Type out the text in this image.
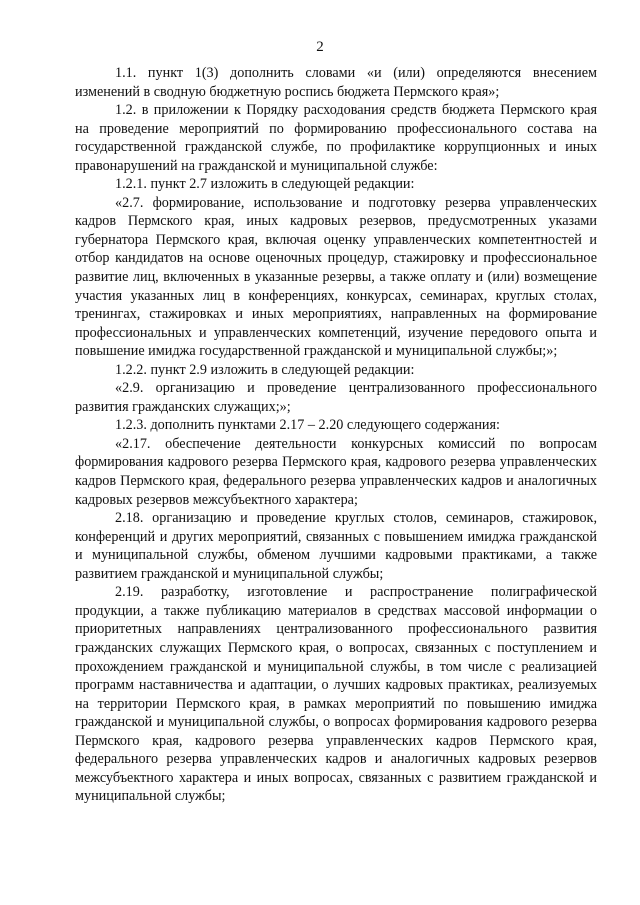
2

1.1. пункт 1(3) дополнить словами «и (или) определяются внесением изменений в сводную бюджетную роспись бюджета Пермского края»;

1.2. в приложении к Порядку расходования средств бюджета Пермского края на проведение мероприятий по формированию профессионального состава на государственной гражданской службе, по профилактике коррупционных и иных правонарушений на гражданской и муниципальной службе:

1.2.1. пункт 2.7 изложить в следующей редакции:

«2.7. формирование, использование и подготовку резерва управленческих кадров Пермского края, иных кадровых резервов, предусмотренных указами губернатора Пермского края, включая оценку управленческих компетентностей и отбор кандидатов на основе оценочных процедур, стажировку и профессиональное развитие лиц, включенных в указанные резервы, а также оплату и (или) возмещение участия указанных лиц в конференциях, конкурсах, семинарах, круглых столах, тренингах, стажировках и иных мероприятиях, направленных на формирование профессиональных и управленческих компетенций, изучение передового опыта и повышение имиджа государственной гражданской и муниципальной службы;»;

1.2.2. пункт 2.9 изложить в следующей редакции:

«2.9. организацию и проведение централизованного профессионального развития гражданских служащих;»;

1.2.3. дополнить пунктами 2.17 – 2.20 следующего содержания:

«2.17. обеспечение деятельности конкурсных комиссий по вопросам формирования кадрового резерва Пермского края, кадрового резерва управленческих кадров Пермского края, федерального резерва управленческих кадров и аналогичных кадровых резервов межсубъектного характера;

2.18. организацию и проведение круглых столов, семинаров, стажировок, конференций и других мероприятий, связанных с повышением имиджа гражданской и муниципальной службы, обменом лучшими кадровыми практиками, а также развитием гражданской и муниципальной службы;

2.19. разработку, изготовление и распространение полиграфической продукции, а также публикацию материалов в средствах массовой информации о приоритетных направлениях централизованного профессионального развития гражданских служащих Пермского края, о вопросах, связанных с поступлением и прохождением гражданской и муниципальной службы, в том числе с реализацией программ наставничества и адаптации, о лучших кадровых практиках, реализуемых на территории Пермского края, в рамках мероприятий по повышению имиджа гражданской и муниципальной службы, о вопросах формирования кадрового резерва Пермского края, кадрового резерва управленческих кадров Пермского края, федерального резерва управленческих кадров и аналогичных кадровых резервов межсубъектного характера и иных вопросах, связанных с развитием гражданской и муниципальной службы;
